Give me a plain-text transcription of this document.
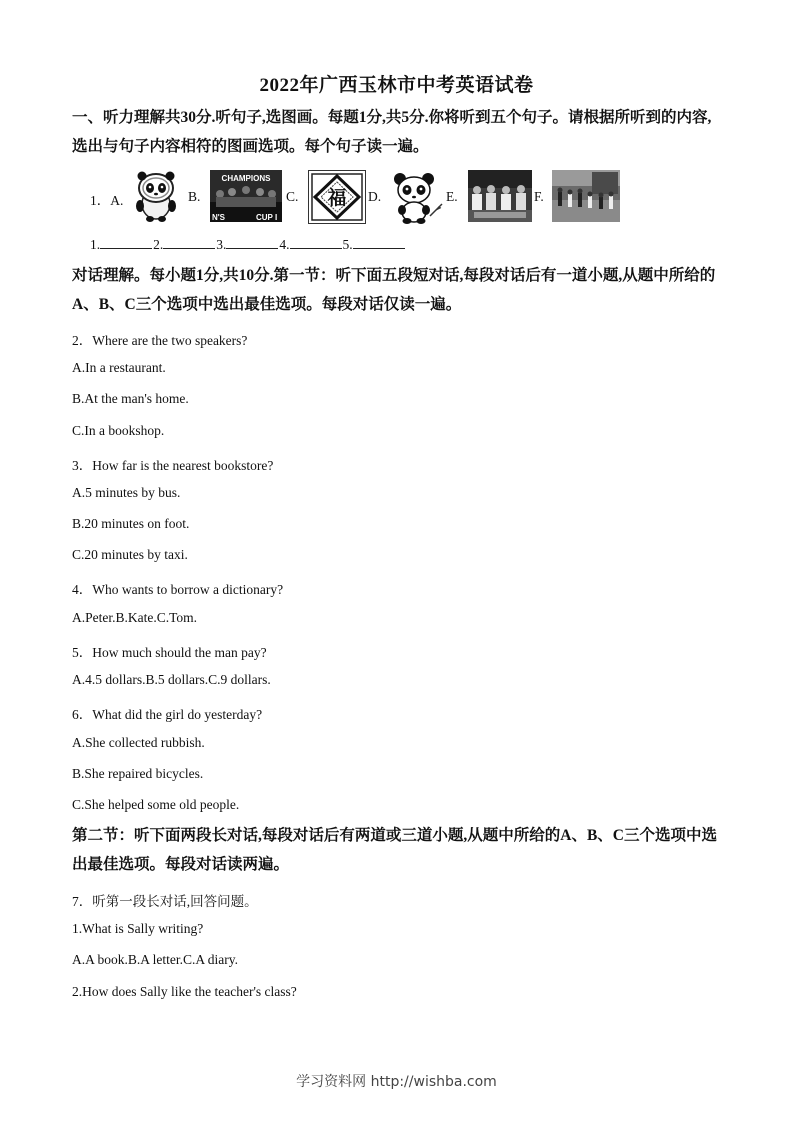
2022年广西玉林市中考英语试卷
一、听力理解共30分.听句子,选图画。每题1分,共5分.你将听到五个句子。请根据所听到的内容,选出与句子内容相符的图画选项。每个句子读一遍。
1．A.	B.
CHAMPIONS
N'S	CUP I
C. 福 D.	E.	F.
1.	2.	3.	4.	5.
对话理解。每小题1分,共10分.第一节：听下面五段短对话,每段对话后有一道小题,从题中所给的A、B、C三个选项中选出最佳选项。每段对话仅读一遍。
2．Where are the two speakers?
A.In a restaurant.
B.At the man's home.
C.In a bookshop.
3．How far is the nearest bookstore?
A.5 minutes by bus.
B.20 minutes on foot.
C.20 minutes by taxi.
4．Who wants to borrow a dictionary?
A.Peter.B.Kate.C.Tom.
5．How much should the man pay?
A.4.5 dollars.B.5 dollars.C.9 dollars.
6．What did the girl do yesterday?
A.She collected rubbish.
B.She repaired bicycles.
C.She helped some old people.
第二节：听下面两段长对话,每段对话后有两道或三道小题,从题中所给的A、B、C三个选项中选出最佳选项。每段对话读两遍。
7．听第一段长对话,回答问题。
1.What is Sally writing?
A.A book.B.A letter.C.A diary.
2.How does Sally like the teacher's class?
学习资料网 http://wishba.com
